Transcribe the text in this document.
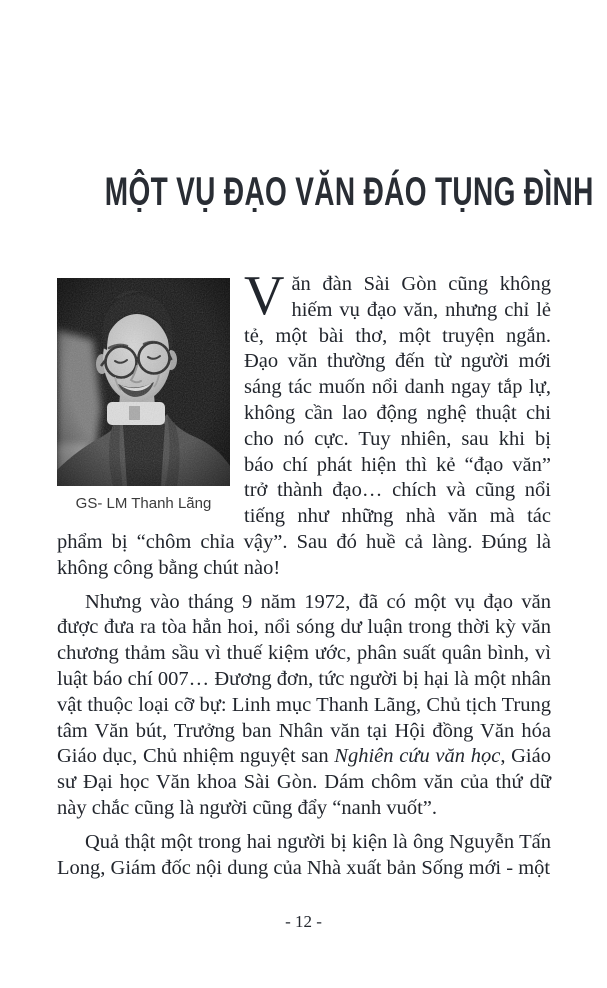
MỘT VỤ ĐẠO VĂN ĐÁO TỤNG ĐÌNH
GS- LM Thanh Lãng

Văn đàn Sài Gòn cũng không hiếm vụ đạo văn, nhưng chỉ lẻ tẻ, một bài thơ, một truyện ngắn. Đạo văn thường đến từ người mới sáng tác muốn nổi danh ngay tắp lự, không cần lao động nghệ thuật chi cho nó cực. Tuy nhiên, sau khi bị báo chí phát hiện thì kẻ “đạo văn” trở thành đạo… chích và cũng nổi tiếng như những nhà văn mà tác phẩm bị “chôm chỉa vậy”. Sau đó huề cả làng. Đúng là không công bằng chút nào!

Nhưng vào tháng 9 năm 1972, đã có một vụ đạo văn được đưa ra tòa hẳn hoi, nổi sóng dư luận trong thời kỳ văn chương thảm sầu vì thuế kiệm ước, phân suất quân bình, vì luật báo chí 007… Đương đơn, tức người bị hại là một nhân vật thuộc loại cỡ bự: Linh mục Thanh Lãng, Chủ tịch Trung tâm Văn bút, Trưởng ban Nhân văn tại Hội đồng Văn hóa Giáo dục, Chủ nhiệm nguyệt san Nghiên cứu văn học, Giáo sư Đại học Văn khoa Sài Gòn. Dám chôm văn của thứ dữ này chắc cũng là người cũng đẩy “nanh vuốt”.

Quả thật một trong hai người bị kiện là ông Nguyễn Tấn Long, Giám đốc nội dung của Nhà xuất bản Sống mới - một

- 12 -
